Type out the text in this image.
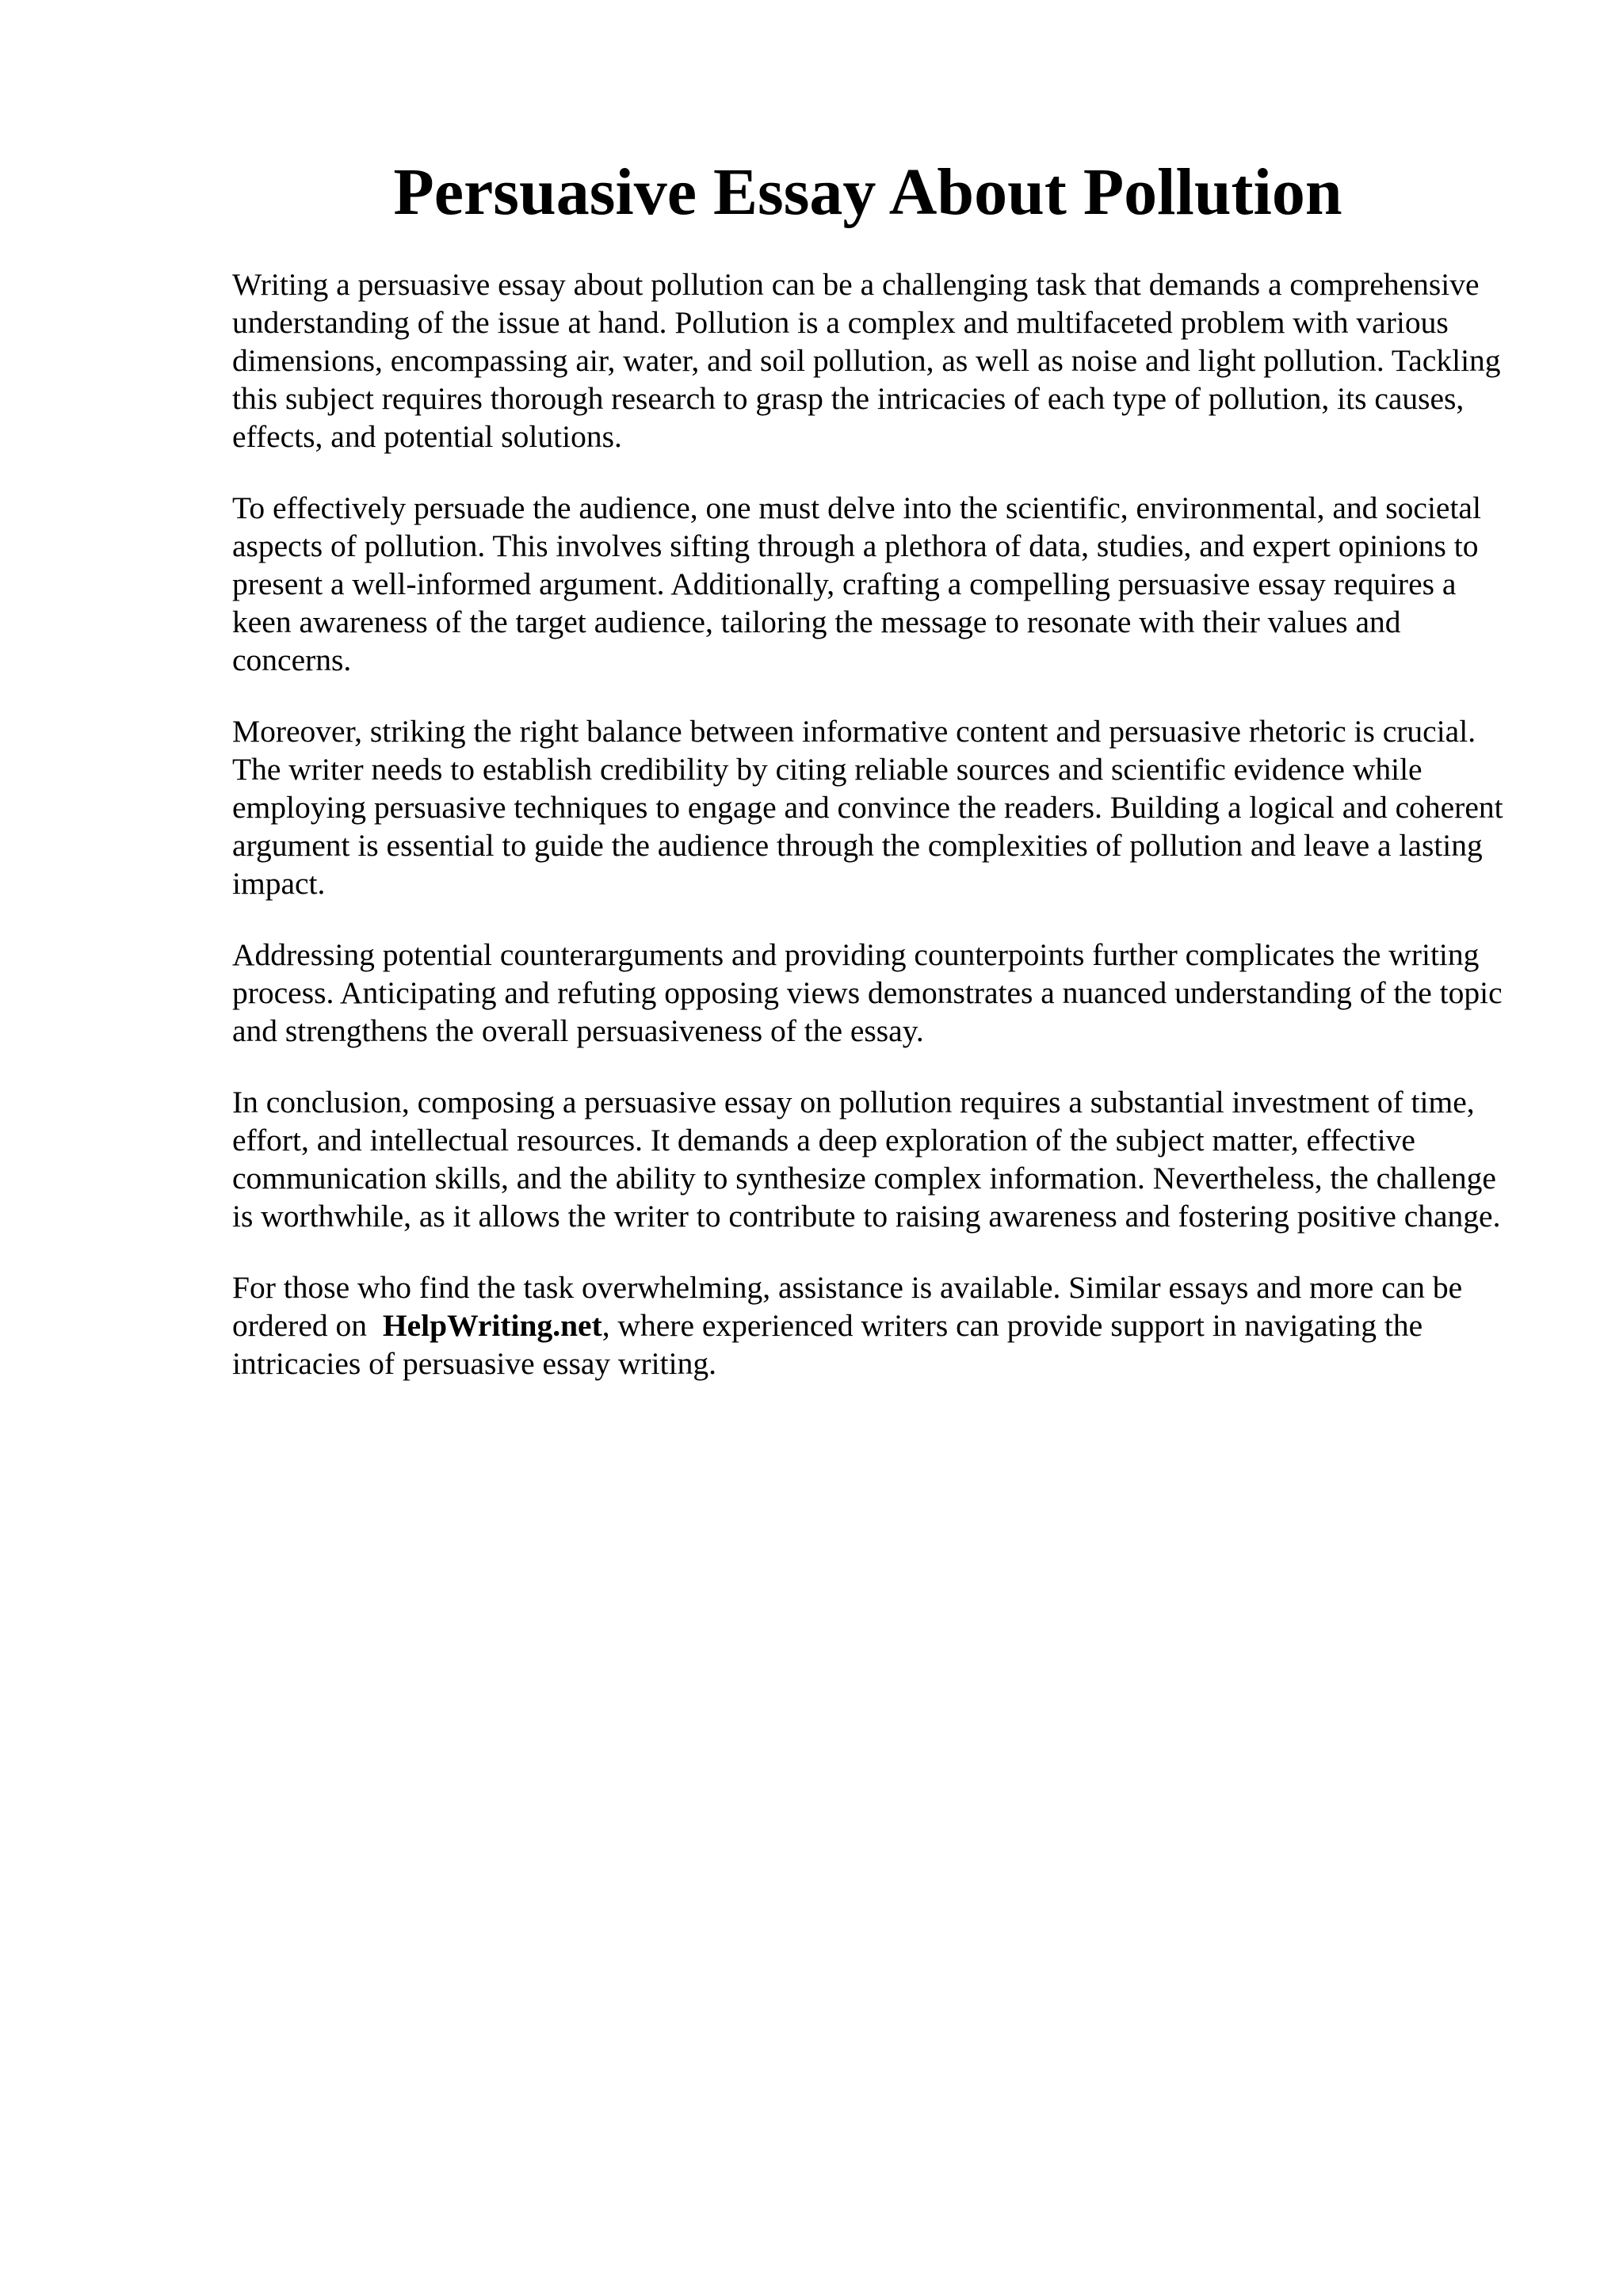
Persuasive Essay About Pollution

Writing a persuasive essay about pollution can be a challenging task that demands a comprehensive understanding of the issue at hand. Pollution is a complex and multifaceted problem with various dimensions, encompassing air, water, and soil pollution, as well as noise and light pollution. Tackling this subject requires thorough research to grasp the intricacies of each type of pollution, its causes, effects, and potential solutions.

To effectively persuade the audience, one must delve into the scientific, environmental, and societal aspects of pollution. This involves sifting through a plethora of data, studies, and expert opinions to present a well-informed argument. Additionally, crafting a compelling persuasive essay requires a keen awareness of the target audience, tailoring the message to resonate with their values and concerns.

Moreover, striking the right balance between informative content and persuasive rhetoric is crucial. The writer needs to establish credibility by citing reliable sources and scientific evidence while employing persuasive techniques to engage and convince the readers. Building a logical and coherent argument is essential to guide the audience through the complexities of pollution and leave a lasting impact.

Addressing potential counterarguments and providing counterpoints further complicates the writing process. Anticipating and refuting opposing views demonstrates a nuanced understanding of the topic and strengthens the overall persuasiveness of the essay.

In conclusion, composing a persuasive essay on pollution requires a substantial investment of time, effort, and intellectual resources. It demands a deep exploration of the subject matter, effective communication skills, and the ability to synthesize complex information. Nevertheless, the challenge is worthwhile, as it allows the writer to contribute to raising awareness and fostering positive change.

For those who find the task overwhelming, assistance is available. Similar essays and more can be ordered on HelpWriting.net, where experienced writers can provide support in navigating the intricacies of persuasive essay writing.
